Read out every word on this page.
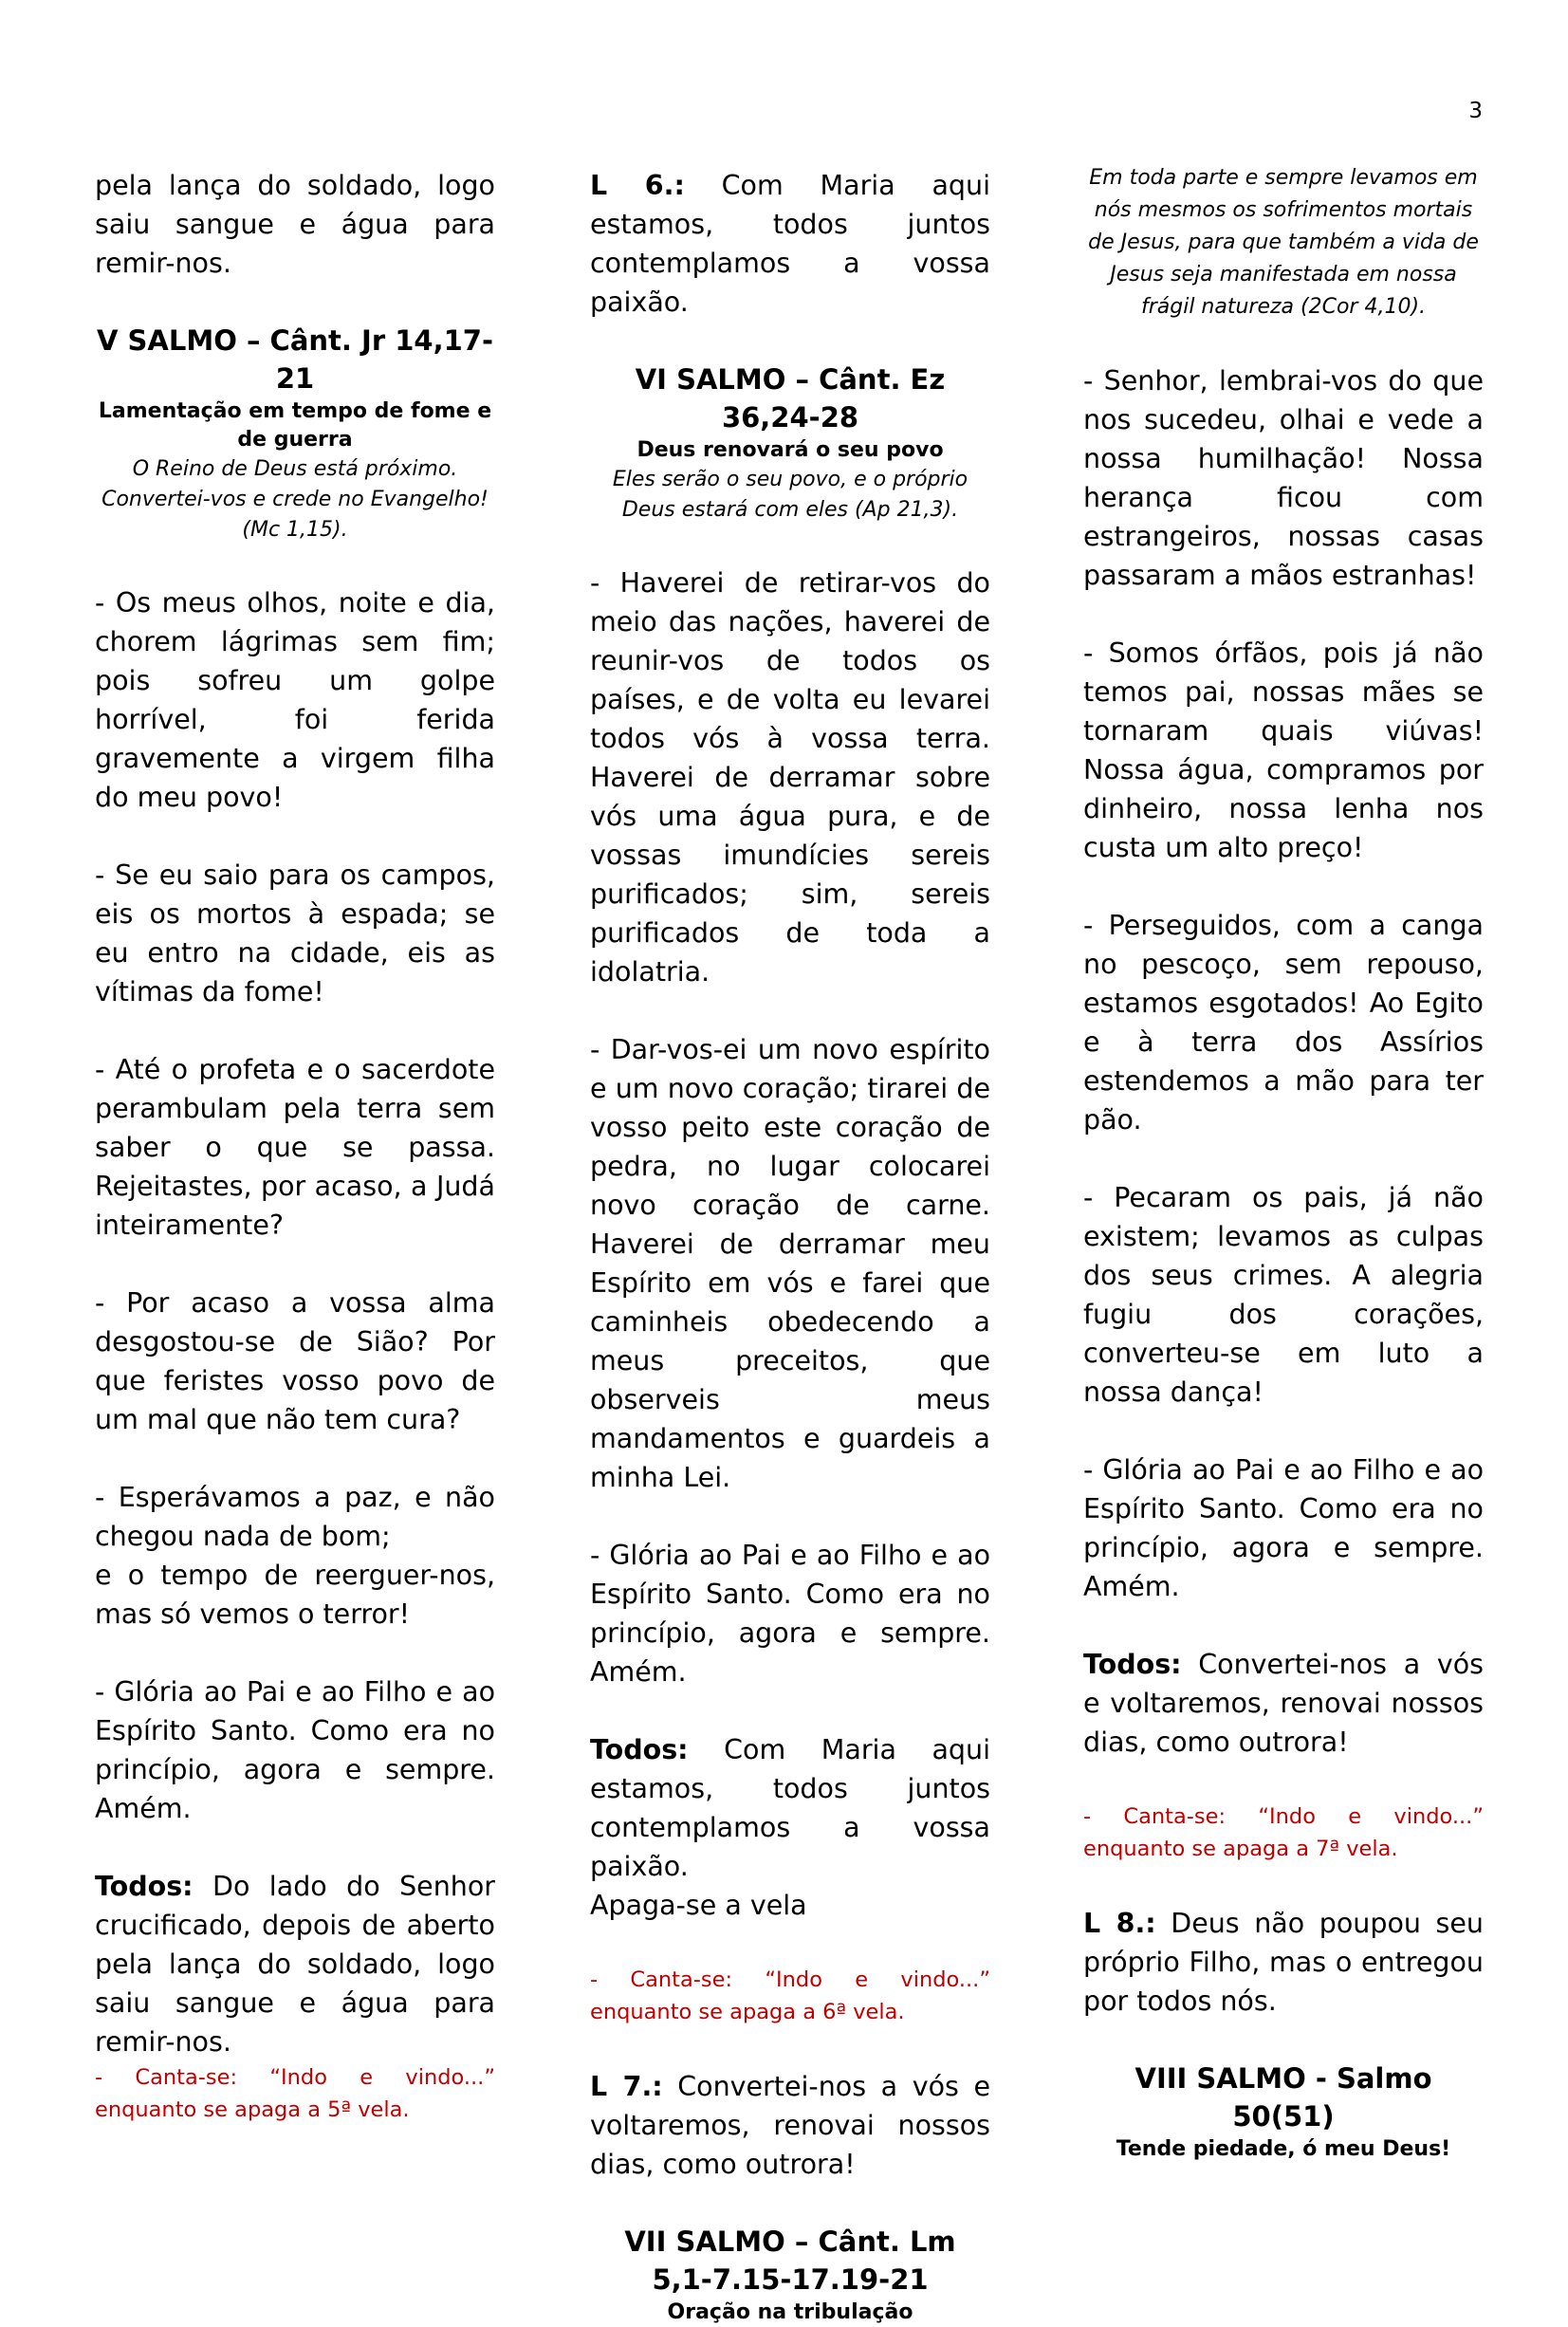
3

pela lança do soldado, logo saiu sangue e água para remir-nos.

V SALMO – Cânt. Jr 14,17-21
Lamentação em tempo de fome e de guerra
O Reino de Deus está próximo. Convertei-vos e crede no Evangelho! (Mc 1,15).

- Os meus olhos, noite e dia, chorem lágrimas sem fim; pois sofreu um golpe horrível, foi ferida gravemente a virgem filha do meu povo!

- Se eu saio para os campos, eis os mortos à espada; se eu entro na cidade, eis as vítimas da fome!

- Até o profeta e o sacerdote perambulam pela terra sem saber o que se passa. Rejeitastes, por acaso, a Judá inteiramente?

- Por acaso a vossa alma desgostou-se de Sião? Por que feristes vosso povo de um mal que não tem cura?

- Esperávamos a paz, e não chegou nada de bom;

e o tempo de reerguer-nos, mas só vemos o terror!

- Glória ao Pai e ao Filho e ao Espírito Santo. Como era no princípio, agora e sempre. Amém.

Todos: Do lado do Senhor crucificado, depois de aberto pela lança do soldado, logo saiu sangue e água para remir-nos.

- Canta-se: “Indo e vindo...” enquanto se apaga a 5ª vela.

L 6.: Com Maria aqui estamos, todos juntos contemplamos a vossa paixão.

VI SALMO – Cânt. Ez 36,24-28
Deus renovará o seu povo
Eles serão o seu povo, e o próprio Deus estará com eles (Ap 21,3).

- Haverei de retirar-vos do meio das nações, haverei de reunir-vos de todos os países, e de volta eu levarei todos vós à vossa terra. Haverei de derramar sobre vós uma água pura, e de vossas imundícies sereis purificados; sim, sereis purificados de toda a idolatria.

- Dar-vos-ei um novo espírito e um novo coração; tirarei de vosso peito este coração de pedra, no lugar colocarei novo coração de carne. Haverei de derramar meu Espírito em vós e farei que caminheis obedecendo a meus preceitos, que observeis meus mandamentos e guardeis a minha Lei.

- Glória ao Pai e ao Filho e ao Espírito Santo. Como era no princípio, agora e sempre. Amém.

Todos: Com Maria aqui estamos, todos juntos contemplamos a vossa paixão.

Apaga-se a vela

- Canta-se: “Indo e vindo...” enquanto se apaga a 6ª vela.

L 7.: Convertei-nos a vós e voltaremos, renovai nossos dias, como outrora!

VII SALMO – Cânt. Lm 5,1-7.15-17.19-21
Oração na tribulação
Em toda parte e sempre levamos em nós mesmos os sofrimentos mortais de Jesus, para que também a vida de Jesus seja manifestada em nossa frágil natureza (2Cor 4,10).

- Senhor, lembrai-vos do que nos sucedeu, olhai e vede a nossa humilhação! Nossa herança ficou com estrangeiros, nossas casas passaram a mãos estranhas!

- Somos órfãos, pois já não temos pai, nossas mães se tornaram quais viúvas! Nossa água, compramos por dinheiro, nossa lenha nos custa um alto preço!

- Perseguidos, com a canga no pescoço, sem repouso, estamos esgotados! Ao Egito e à terra dos Assírios estendemos a mão para ter pão.

- Pecaram os pais, já não existem; levamos as culpas dos seus crimes. A alegria fugiu dos corações, converteu-se em luto a nossa dança!

- Glória ao Pai e ao Filho e ao Espírito Santo. Como era no princípio, agora e sempre. Amém.

Todos: Convertei-nos a vós e voltaremos, renovai nossos dias, como outrora!

- Canta-se: “Indo e vindo...” enquanto se apaga a 7ª vela.

L 8.: Deus não poupou seu próprio Filho, mas o entregou por todos nós.

VIII SALMO - Salmo 50(51)
Tende piedade, ó meu Deus!
